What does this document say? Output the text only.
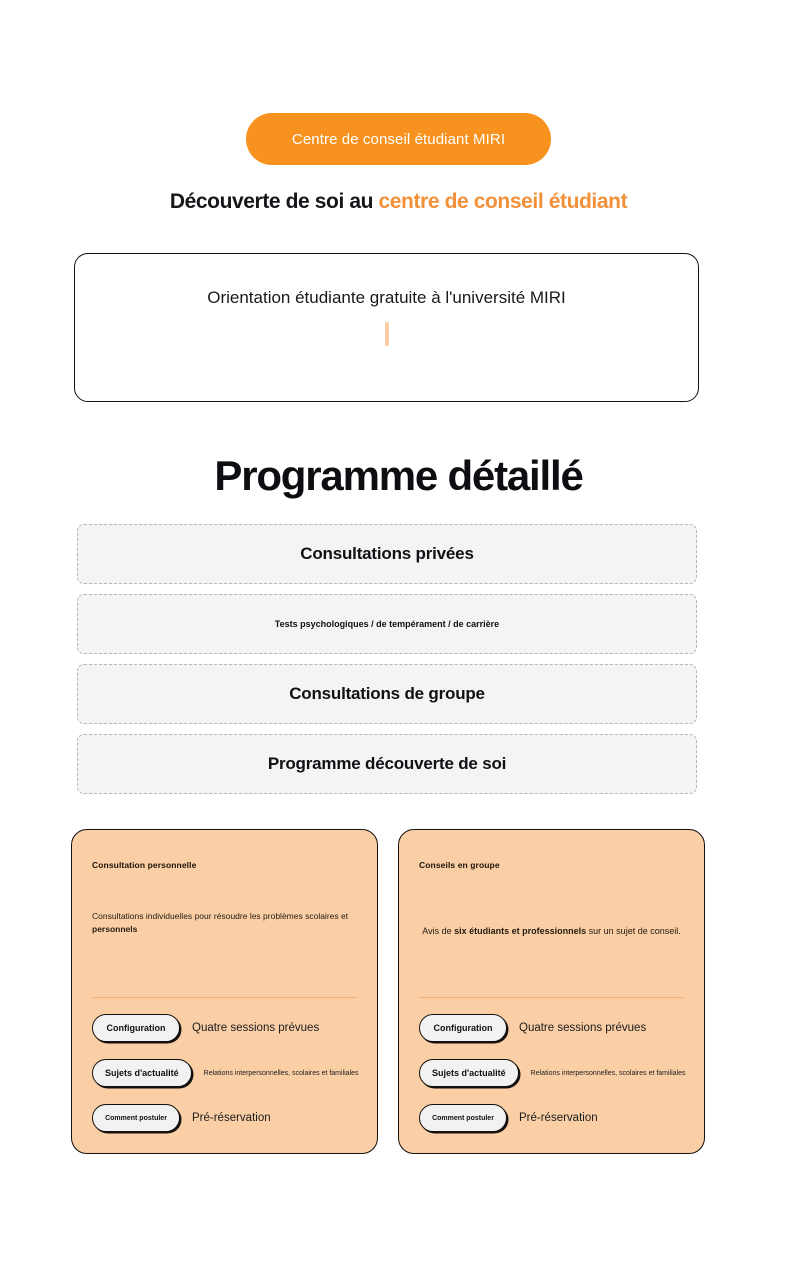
Centre de conseil étudiant MIRI
Découverte de soi au centre de conseil étudiant
Orientation étudiante gratuite à l'université MIRI
Programme détaillé
Consultations privées
Tests psychologiques / de tempérament / de carrière
Consultations de groupe
Programme découverte de soi
Consultation personnelle
Consultations individuelles pour résoudre les problèmes scolaires et personnels
Configuration Quatre sessions prévues
Sujets d'actualité	Relations interpersonnelles, scolaires et familiales
Comment postuler Pré-réservation
Conseils en groupe
Avis de six étudiants et professionnels sur un sujet de conseil.
Configuration Quatre sessions prévues
Sujets d'actualité	Relations interpersonnelles, scolaires et familiales
Comment postuler Pré-réservation
